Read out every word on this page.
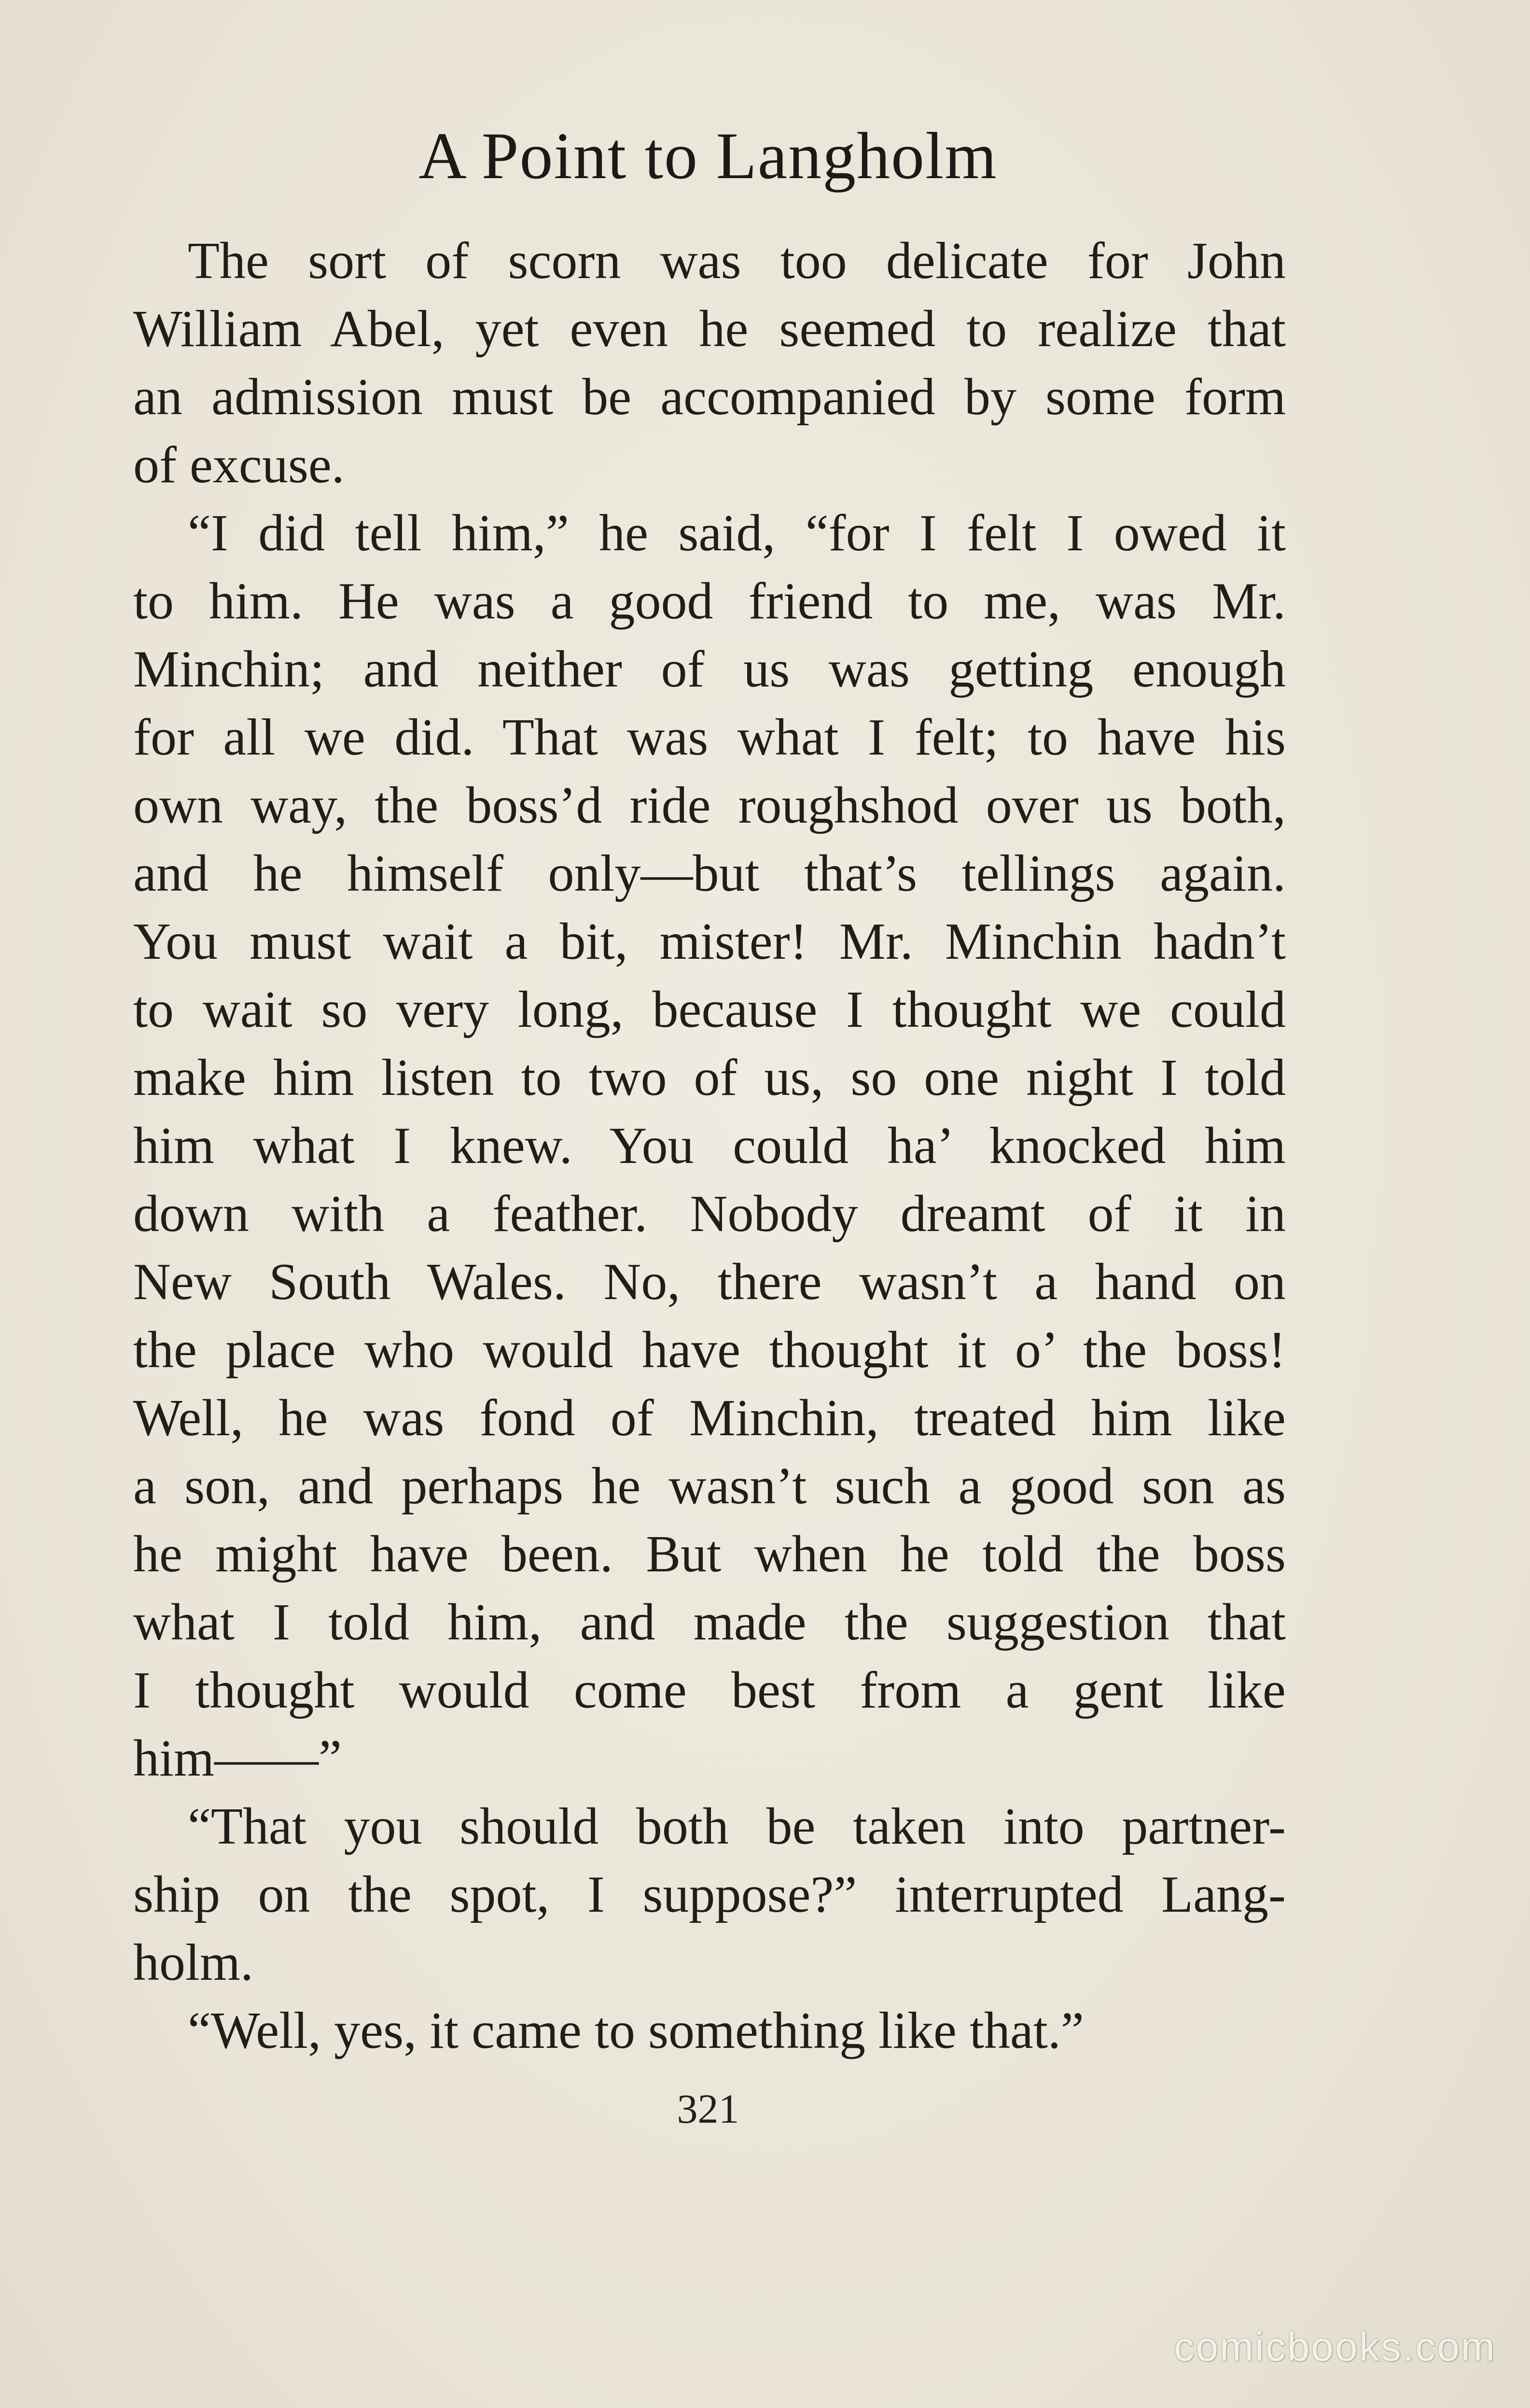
A Point to Langholm
The sort of scorn was too delicate for John
William Abel, yet even he seemed to realize that
an admission must be accompanied by some form
of excuse.
“I did tell him,” he said, “for I felt I owed it
to him. He was a good friend to me, was Mr.
Minchin; and neither of us was getting enough
for all we did. That was what I felt; to have his
own way, the boss’d ride roughshod over us both,
and he himself only—but that’s tellings again.
You must wait a bit, mister! Mr. Minchin hadn’t
to wait so very long, because I thought we could
make him listen to two of us, so one night I told
him what I knew. You could ha’ knocked him
down with a feather. Nobody dreamt of it in
New South Wales. No, there wasn’t a hand on
the place who would have thought it o’ the boss!
Well, he was fond of Minchin, treated him like
a son, and perhaps he wasn’t such a good son as
he might have been. But when he told the boss
what I told him, and made the suggestion that
I thought would come best from a gent like
him——”
“That you should both be taken into partner-
ship on the spot, I suppose?” interrupted Lang-
holm.
“Well, yes, it came to something like that.”
321
comicbooks.com
